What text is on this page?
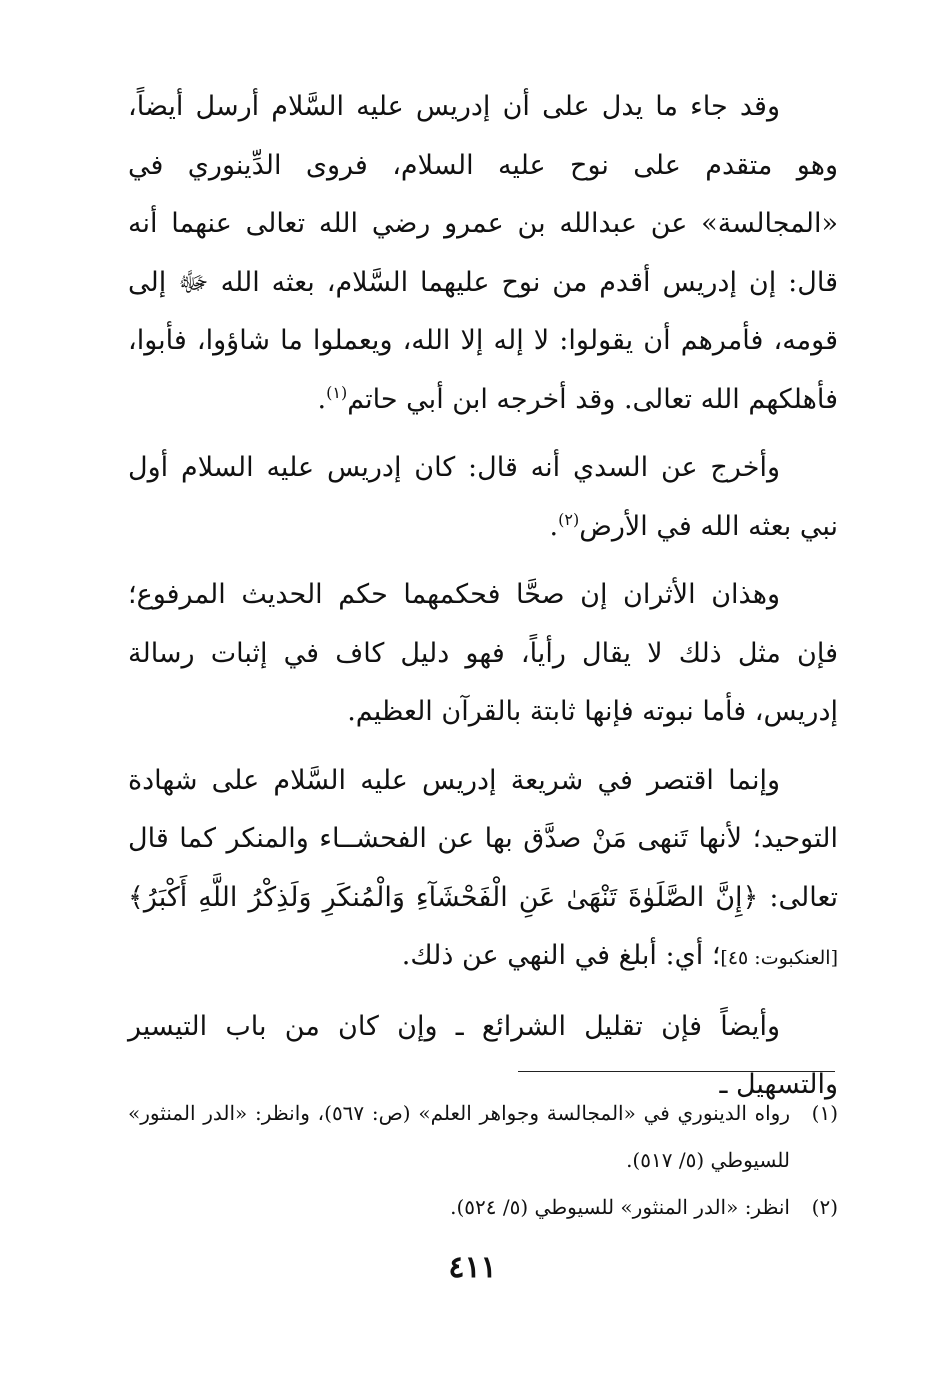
وقد جاء ما يدل على أن إدريس عليه السَّلام أرسل أيضاً، وهو متقدم على نوح عليه السلام، فروى الدِّينوري في «المجالسة» عن عبدالله بن عمرو رضي الله تعالى عنهما أنه قال: إن إدريس أقدم من نوح عليهما السَّلام، بعثه الله ﷻ إلى قومه، فأمرهم أن يقولوا: لا إله إلا الله، ويعملوا ما شاؤوا، فأبوا، فأهلكهم الله تعالى. وقد أخرجه ابن أبي حاتم$^{(١)}$.

وأخرج عن السدي أنه قال: كان إدريس عليه السلام أول نبي بعثه الله في الأرض$^{(٢)}$.

وهذان الأثران إن صحَّا فحكمهما حكم الحديث المرفوع؛ فإن مثل ذلك لا يقال رأياً، فهو دليل كاف في إثبات رسالة إدريس، فأما نبوته فإنها ثابتة بالقرآن العظيم.

وإنما اقتصر في شريعة إدريس عليه السَّلام على شهادة التوحيد؛ لأنها تَنهى مَنْ صدَّق بها عن الفحشــاء والمنكر كما قال تعالى: ﴿إِنَّ الصَّلَوٰةَ تَنْهَىٰ عَنِ الْفَحْشَآءِ وَالْمُنكَرِ وَلَذِكْرُ اللَّهِ أَكْبَرُ﴾[العنكبوت: ٤٥]؛ أي: أبلغ في النهي عن ذلك.

وأيضاً فإن تقليل الشرائع ـ وإن كان من باب التيسير والتسهيل ـ

(١)
رواه الدينوري في «المجالسة وجواهر العلم» (ص: ٥٦٧)، وانظر: «الدر المنثور» للسيوطي (٥/ ٥١٧).
(٢)
انظر: «الدر المنثور» للسيوطي (٥/ ٥٢٤).
٤١١
